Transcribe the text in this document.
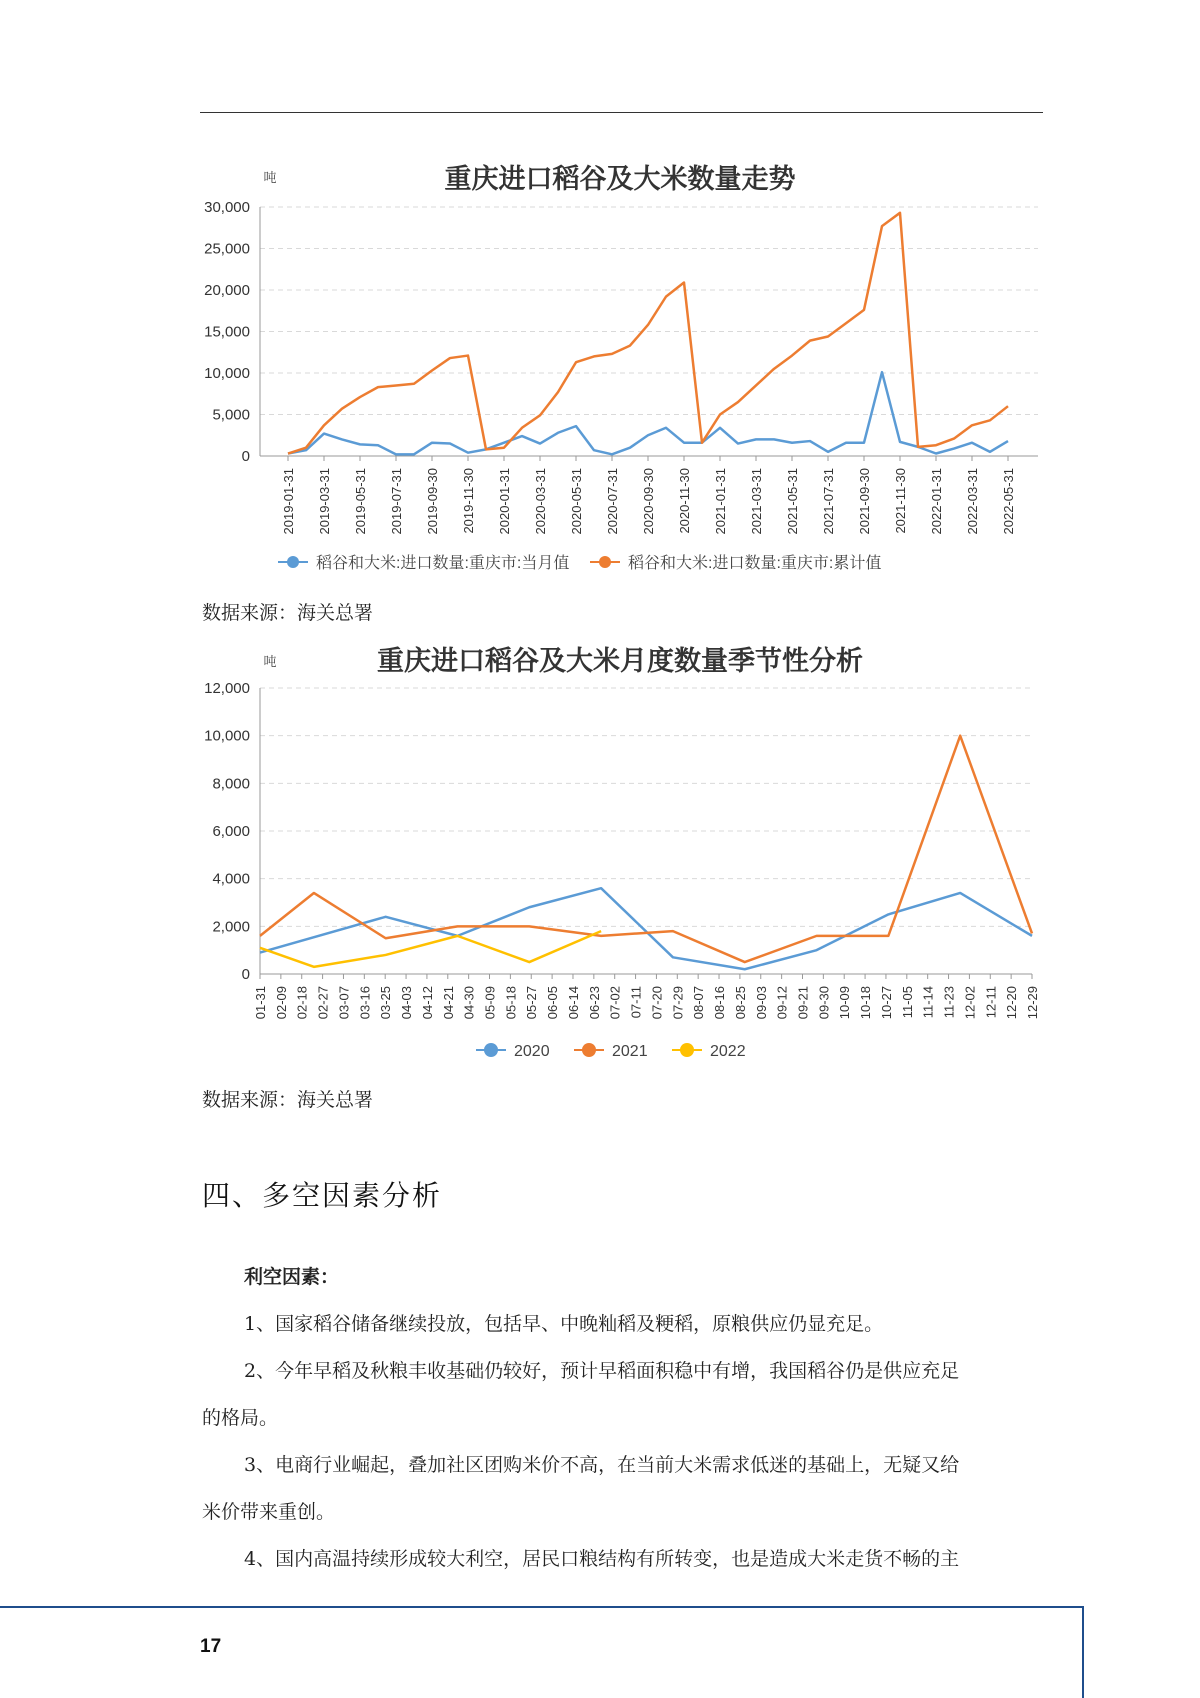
重庆进口稻谷及大米数量走势
吨
30,000
25,000
20,000
15,000
10,000
5,000
0
2019-01-31 2019-03-31 2019-05-31 2019-07-31 2019-09-30 2019-11-30 2020-01-31 2020-03-31 2020-05-31 2020-07-31 2020-09-30 2020-11-30 2021-01-31 2021-03-31 2021-05-31 2021-07-31 2021-09-30 2021-11-30 2022-01-31 2022-03-31 2022-05-31
稻谷和大米:进口数量:重庆市:当月值	稻谷和大米:进口数量:重庆市:累计值
数据来源：海关总署
重庆进口稻谷及大米月度数量季节性分析
吨
12,000
10,000
8,000
6,000
4,000
2,000
0
01-31 02-09 02-18 02-27 03-07 03-16 03-25 04-03 04-12 04-21 04-30 05-09 05-18 05-27 06-05 06-14 06-23 07-02 07-11 07-20 07-29 08-07 08-16 08-25 09-03 09-12 09-21 09-30 10-09 10-18 10-27 11-05 11-14 11-23 12-02 12-11 12-20 12-29
2020	2021	2022
数据来源：海关总署
四、多空因素分析

利空因素：

1、国家稻谷储备继续投放，包括早、中晚籼稻及粳稻，原粮供应仍显充足。

2、今年早稻及秋粮丰收基础仍较好，预计早稻面积稳中有增，我国稻谷仍是供应充足

的格局。

3、电商行业崛起，叠加社区团购米价不高，在当前大米需求低迷的基础上，无疑又给

米价带来重创。

4、国内高温持续形成较大利空，居民口粮结构有所转变，也是造成大米走货不畅的主

17
